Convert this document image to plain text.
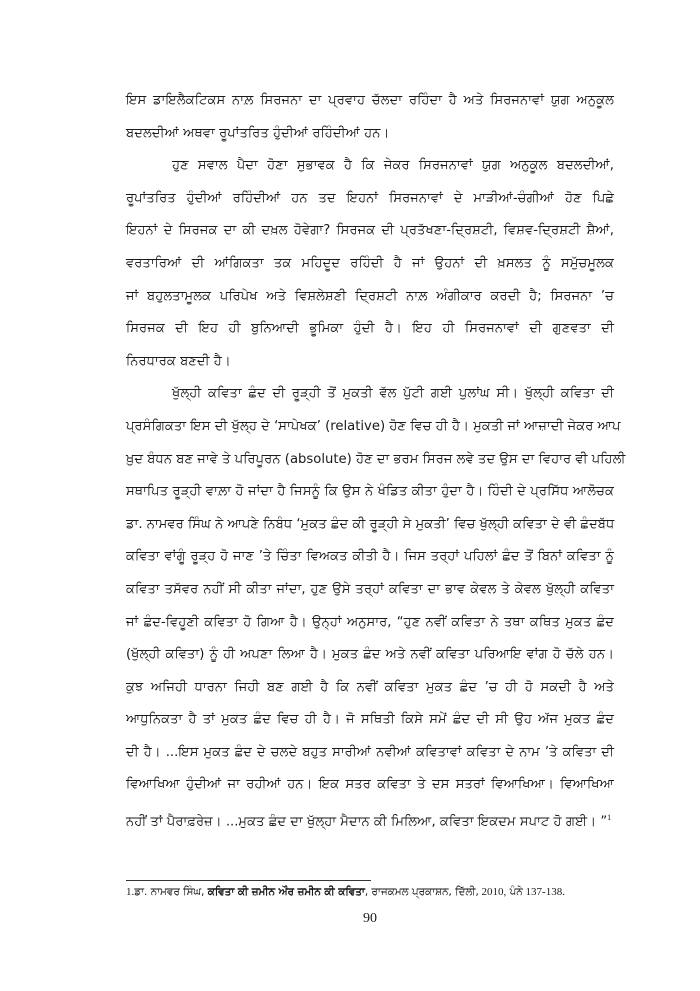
ਇਸ ਡਾਇਲੈਕਟਿਕਸ ਨਾਲ਼ ਸਿਰਜਨਾ ਦਾ ਪ੍ਰਵਾਹ ਚੱਲਦਾ ਰਹਿੰਦਾ ਹੈ ਅਤੇ ਸਿਰਜਨਾਵਾਂ ਯੁਗ ਅਨੁਕੂਲ
ਬਦਲਦੀਆਂ ਅਥਵਾ ਰੂਪਾਂਤਰਿਤ ਹੁੰਦੀਆਂ ਰਹਿੰਦੀਆਂ ਹਨ।
ਹੁਣ ਸਵਾਲ ਪੈਦਾ ਹੋਣਾ ਸੁਭਾਵਕ ਹੈ ਕਿ ਜੇਕਰ ਸਿਰਜਨਾਵਾਂ ਯੁਗ ਅਨੁਕੂਲ ਬਦਲਦੀਆਂ,
ਰੂਪਾਂਤਰਿਤ ਹੁੰਦੀਆਂ ਰਹਿੰਦੀਆਂ ਹਨ ਤਦ ਇਹਨਾਂ ਸਿਰਜਨਾਵਾਂ ਦੇ ਮਾੜੀਆਂ-ਚੰਗੀਆਂ ਹੋਣ ਪਿਛੇ
ਇਹਨਾਂ ਦੇ ਸਿਰਜਕ ਦਾ ਕੀ ਦਖ਼ਲ ਹੋਵੇਗਾ? ਸਿਰਜਕ ਦੀ ਪ੍ਰਤੱਖਣਾ-ਦ੍ਰਿਸ਼ਟੀ, ਵਿਸ਼ਵ-ਦ੍ਰਿਸ਼ਟੀ ਸ਼ੈਆਂ,
ਵਰਤਾਰਿਆਂ ਦੀ ਆਂਗਿਕਤਾ ਤਕ ਮਹਿਦੂਦ ਰਹਿੰਦੀ ਹੈ ਜਾਂ ਉਹਨਾਂ ਦੀ ਖ਼ਸਲਤ ਨੂੰ ਸਮੁੱਚਮੂਲਕ
ਜਾਂ ਬਹੁਲਤਾਮੂਲਕ ਪਰਿਪੇਖ ਅਤੇ ਵਿਸ਼ਲੇਸ਼ਣੀ ਦ੍ਰਿਸ਼ਟੀ ਨਾਲ਼ ਅੰਗੀਕਾਰ ਕਰਦੀ ਹੈ; ਸਿਰਜਨਾ ’ਚ
ਸਿਰਜਕ ਦੀ ਇਹ ਹੀ ਬੁਨਿਆਦੀ ਭੂਮਿਕਾ ਹੁੰਦੀ ਹੈ। ਇਹ ਹੀ ਸਿਰਜਨਾਵਾਂ ਦੀ ਗੁਣਵਤਾ ਦੀ
ਨਿਰਧਾਰਕ ਬਣਦੀ ਹੈ।
ਖੁੱਲ੍ਹੀ ਕਵਿਤਾ ਛੰਦ ਦੀ ਰੂੜ੍ਹੀ ਤੋਂ ਮੁਕਤੀ ਵੱਲ ਪੁੱਟੀ ਗਈ ਪੁਲਾਂਘ ਸੀ। ਖੁੱਲ੍ਹੀ ਕਵਿਤਾ ਦੀ
ਪ੍ਰਸੰਗਿਕਤਾ ਇਸ ਦੀ ਖੁੱਲ੍ਹ ਦੇ ‘ਸਾਪੇਖਕ’ (relative) ਹੋਣ ਵਿਚ ਹੀ ਹੈ। ਮੁਕਤੀ ਜਾਂ ਆਜ਼ਾਦੀ ਜੇਕਰ ਆਪ
ਖ਼ੁਦ ਬੰਧਨ ਬਣ ਜਾਵੇ ਤੇ ਪਰਿਪੂਰਨ (absolute) ਹੋਣ ਦਾ ਭਰਮ ਸਿਰਜ ਲਵੇ ਤਦ ਉਸ ਦਾ ਵਿਹਾਰ ਵੀ ਪਹਿਲੀ
ਸਥਾਪਿਤ ਰੂੜ੍ਹੀ ਵਾਲ਼ਾ ਹੋ ਜਾਂਦਾ ਹੈ ਜਿਸਨੂੰ ਕਿ ਉਸ ਨੇ ਖੰਡਿਤ ਕੀਤਾ ਹੁੰਦਾ ਹੈ। ਹਿੰਦੀ ਦੇ ਪ੍ਰਸਿੱਧ ਆਲੋਚਕ
ਡਾ. ਨਾਮਵਰ ਸਿੰਘ ਨੇ ਆਪਣੇ ਨਿਬੰਧ ‘ਮੁਕਤ ਛੰਦ ਕੀ ਰੂੜ੍ਹੀ ਸੇ ਮੁਕਤੀ’ ਵਿਚ ਖੁੱਲ੍ਹੀ ਕਵਿਤਾ ਦੇ ਵੀ ਛੰਦਬੱਧ
ਕਵਿਤਾ ਵਾਂਗੂੰ ਰੂੜ੍ਹ ਹੋ ਜਾਣ ’ਤੇ ਚਿੰਤਾ ਵਿਅਕਤ ਕੀਤੀ ਹੈ। ਜਿਸ ਤਰ੍ਹਾਂ ਪਹਿਲਾਂ ਛੰਦ ਤੋਂ ਬਿਨਾਂ ਕਵਿਤਾ ਨੂੰ
ਕਵਿਤਾ ਤਸੱਵਰ ਨਹੀਂ ਸੀ ਕੀਤਾ ਜਾਂਦਾ, ਹੁਣ ਉਸੇ ਤਰ੍ਹਾਂ ਕਵਿਤਾ ਦਾ ਭਾਵ ਕੇਵਲ ਤੇ ਕੇਵਲ ਖੁੱਲ੍ਹੀ ਕਵਿਤਾ
ਜਾਂ ਛੰਦ-ਵਿਹੂਣੀ ਕਵਿਤਾ ਹੋ ਗਿਆ ਹੈ। ਉਨ੍ਹਾਂ ਅਨੁਸਾਰ, “ਹੁਣ ਨਵੀਂ ਕਵਿਤਾ ਨੇ ਤਥਾ ਕਥਿਤ ਮੁਕਤ ਛੰਦ
(ਖੁੱਲ੍ਹੀ ਕਵਿਤਾ) ਨੂੰ ਹੀ ਅਪਣਾ ਲਿਆ ਹੈ। ਮੁਕਤ ਛੰਦ ਅਤੇ ਨਵੀਂ ਕਵਿਤਾ ਪਰਿਆਇ ਵਾਂਗ ਹੋ ਚੱਲੇ ਹਨ।
ਕੁਝ ਅਜਿਹੀ ਧਾਰਨਾ ਜਿਹੀ ਬਣ ਗਈ ਹੈ ਕਿ ਨਵੀਂ ਕਵਿਤਾ ਮੁਕਤ ਛੰਦ ’ਚ ਹੀ ਹੋ ਸਕਦੀ ਹੈ ਅਤੇ
ਆਧੁਨਿਕਤਾ ਹੈ ਤਾਂ ਮੁਕਤ ਛੰਦ ਵਿਚ ਹੀ ਹੈ। ਜੋ ਸਥਿਤੀ ਕਿਸੇ ਸਮੇਂ ਛੰਦ ਦੀ ਸੀ ਉਹ ਅੱਜ ਮੁਕਤ ਛੰਦ
ਦੀ ਹੈ। ...ਇਸ ਮੁਕਤ ਛੰਦ ਦੇ ਚਲਦੇ ਬਹੁਤ ਸਾਰੀਆਂ ਨਵੀਆਂ ਕਵਿਤਾਵਾਂ ਕਵਿਤਾ ਦੇ ਨਾਮ ’ਤੇ ਕਵਿਤਾ ਦੀ
ਵਿਆਖਿਆ ਹੁੰਦੀਆਂ ਜਾ ਰਹੀਆਂ ਹਨ। ਇਕ ਸਤਰ ਕਵਿਤਾ ਤੇ ਦਸ ਸਤਰਾਂ ਵਿਆਖਿਆ। ਵਿਆਖਿਆ
ਨਹੀਂ ਤਾਂ ਪੈਰਾਫ਼ਰੇਜ਼। ...ਮੁਕਤ ਛੰਦ ਦਾ ਖੁੱਲ੍ਹਾ ਮੈਦਾਨ ਕੀ ਮਿਲਿਆ, ਕਵਿਤਾ ਇਕਦਮ ਸਪਾਟ ਹੋ ਗਈ। ”$^1$
1.ਡਾ. ਨਾਮਵਰ ਸਿੰਘ, ਕਵਿਤਾ ਕੀ ਜ਼ਮੀਨ ਔਰ ਜ਼ਮੀਨ ਕੀ ਕਵਿਤਾ, ਰਾਜਕਮਲ ਪ੍ਰਕਾਸ਼ਨ, ਦਿੱਲੀ, 2010, ਪੰਨੇ 137-138.
90
